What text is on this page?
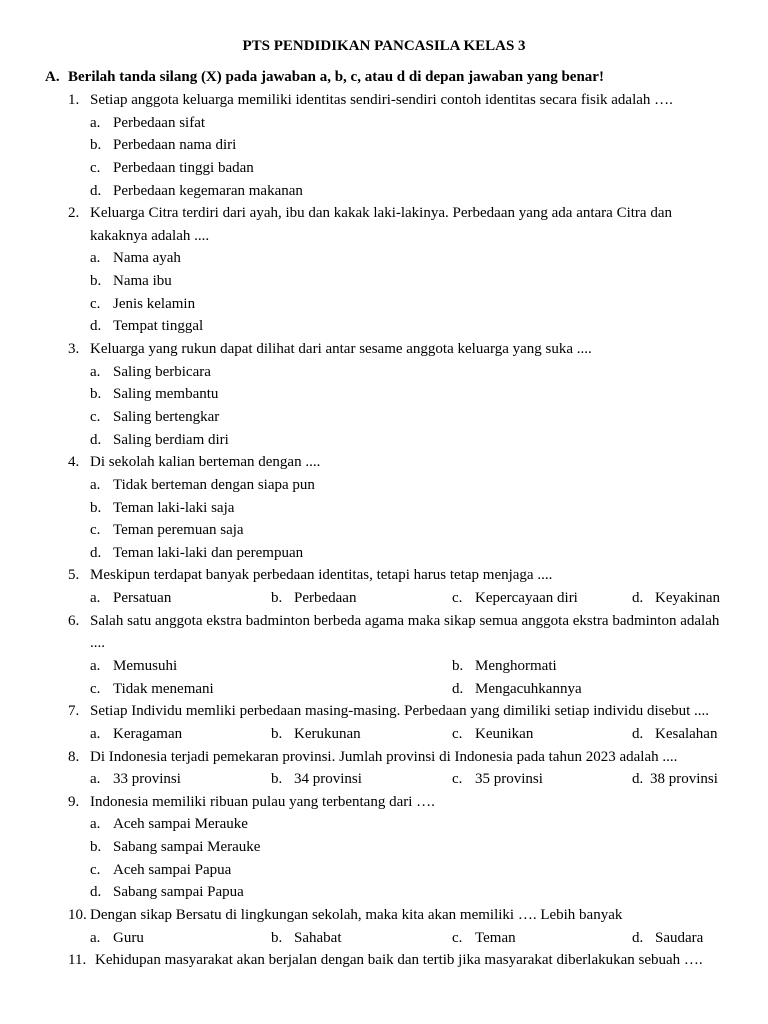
PTS PENDIDIKAN PANCASILA KELAS 3
A. Berilah tanda silang (X) pada jawaban a, b, c, atau d di depan jawaban yang benar!
1. Setiap anggota keluarga memiliki identitas sendiri-sendiri contoh identitas secara fisik adalah ….
a. Perbedaan sifat
b. Perbedaan nama diri
c. Perbedaan tinggi badan
d. Perbedaan kegemaran makanan
2. Keluarga Citra terdiri dari ayah, ibu dan kakak laki-lakinya. Perbedaan yang ada antara Citra dan
kakaknya adalah ....
a. Nama ayah
b. Nama ibu
c. Jenis kelamin
d. Tempat tinggal
3. Keluarga yang rukun dapat dilihat dari antar sesame anggota keluarga yang suka ....
a. Saling berbicara
b. Saling membantu
c. Saling bertengkar
d. Saling berdiam diri
4. Di sekolah kalian berteman dengan ....
a. Tidak berteman dengan siapa pun
b. Teman laki-laki saja
c. Teman peremuan saja
d. Teman laki-laki dan perempuan
5. Meskipun terdapat banyak perbedaan identitas, tetapi harus tetap menjaga ....
a. Persatuan	b. Perbedaan	c. Kepercayaan diri	d. Keyakinan
6. Salah satu anggota ekstra badminton berbeda agama maka sikap semua anggota ekstra badminton adalah
....
a. Memusuhi	b. Menghormati
c. Tidak menemani	d. Mengacuhkannya
7. Setiap Individu memliki perbedaan masing-masing. Perbedaan yang dimiliki setiap individu disebut ....
a. Keragaman	b. Kerukunan	c. Keunikan	d. Kesalahan
8. Di Indonesia terjadi pemekaran provinsi. Jumlah provinsi di Indonesia pada tahun 2023 adalah ....
a. 33 provinsi	b. 34 provinsi	c. 35 provinsi	d. 38 provinsi
9. Indonesia memiliki ribuan pulau yang terbentang dari ….
a. Aceh sampai Merauke
b. Sabang sampai Merauke
c. Aceh sampai Papua
d. Sabang sampai Papua
10. Dengan sikap Bersatu di lingkungan sekolah, maka kita akan memiliki …. Lebih banyak
a. Guru	b. Sahabat	c. Teman	d. Saudara
11. Kehidupan masyarakat akan berjalan dengan baik dan tertib jika masyarakat diberlakukan sebuah ….
